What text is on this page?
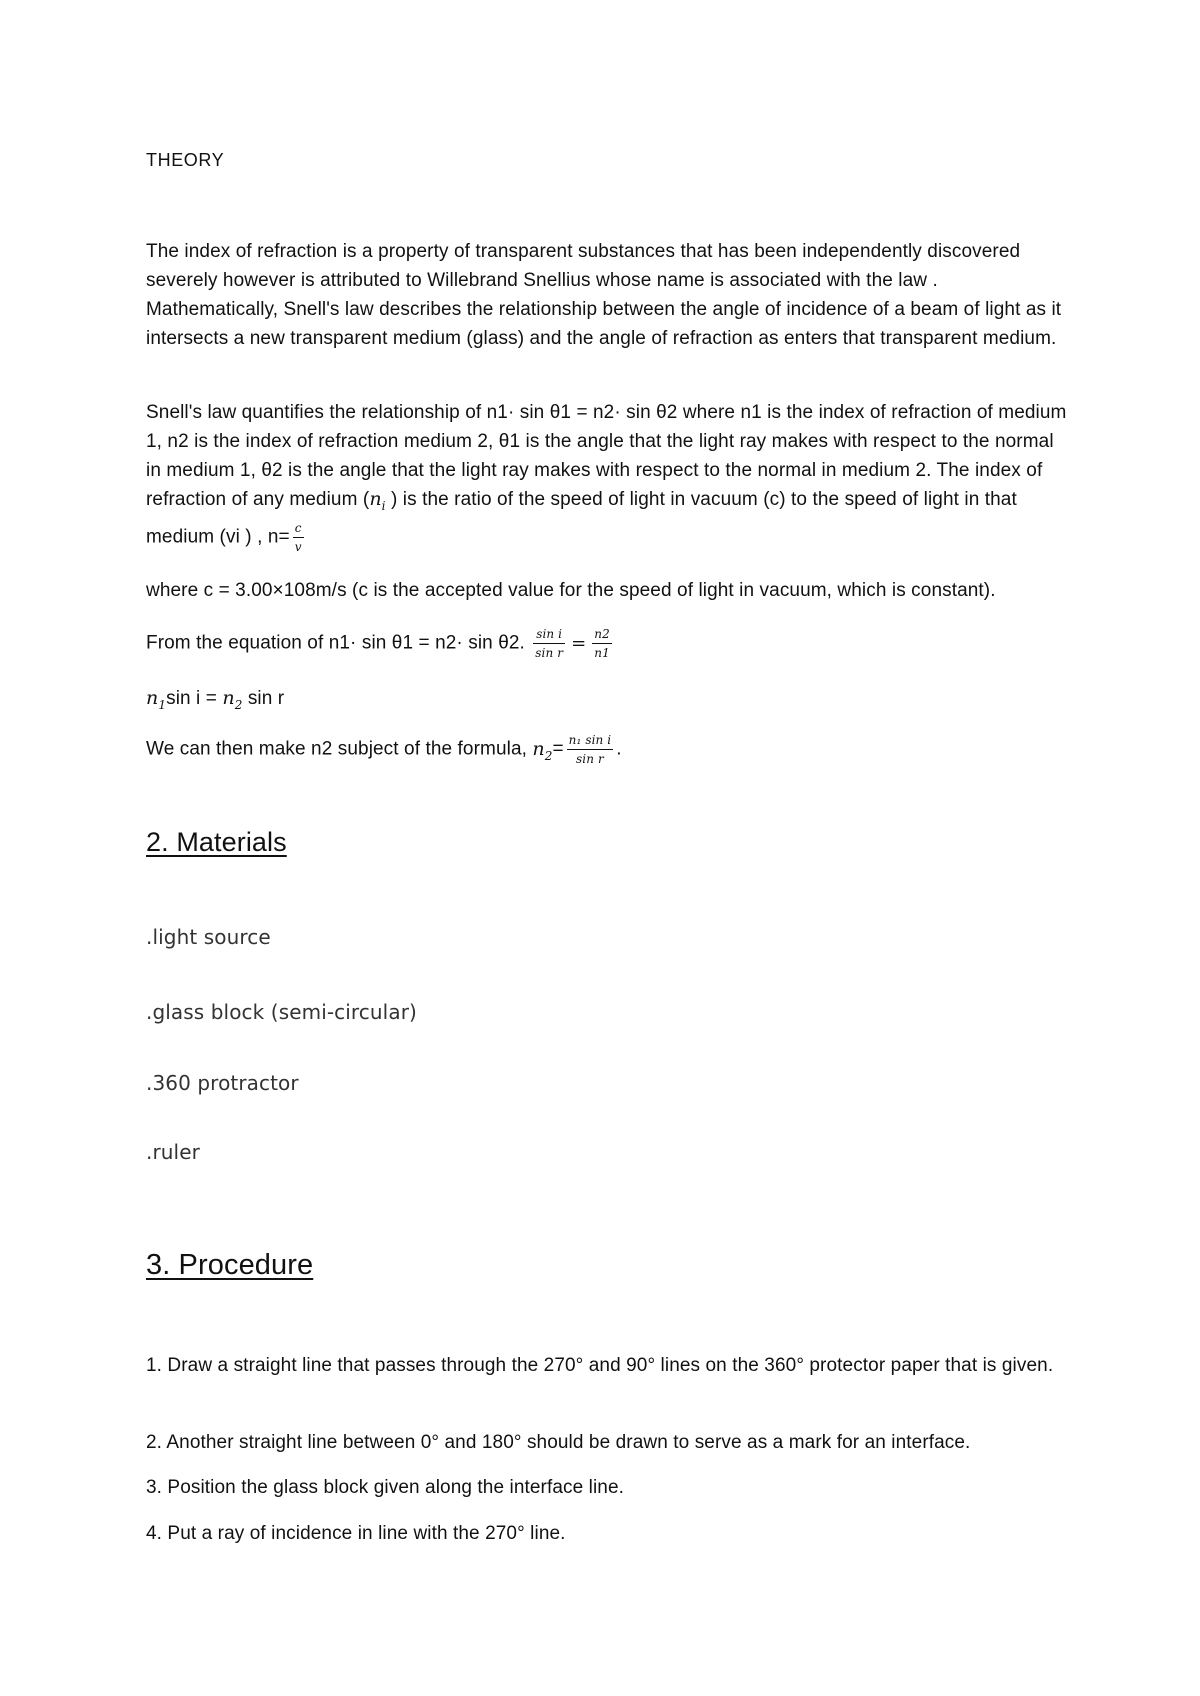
THEORY

The index of refraction is a property of transparent substances that has been independently discovered severely however is attributed to Willebrand Snellius whose name is associated with the law . Mathematically, Snell's law describes the relationship between the angle of incidence of a beam of light as it intersects a new transparent medium (glass) and the angle of refraction as enters that transparent medium.

Snell's law quantifies the relationship of n1· sin θ1 = n2· sin θ2 where n1 is the index of refraction of medium 1, n2 is the index of refraction medium 2, θ1 is the angle that the light ray makes with respect to the normal in medium 1, θ2 is the angle that the light ray makes with respect to the normal in medium 2. The index of refraction of any medium ($n_i$ ) is the ratio of the speed of light in vacuum (c) to the speed of light in that medium (vi ) , $n= \frac{c}{v}$

where c = 3.00×108m/s (c is the accepted value for the speed of light in vacuum, which is constant).

From the equation of n1· sin θ1 = n2· sin θ2. $\frac{\text{sin i}}{\text{sin r}} = \frac{n2}{n1}$

$n_1\sin$ $i = n_2$ sin r

We can then make n2 subject of the formula, $n_2= \frac{\text{n₁ sin i}}{\text{sin r}}$ .

2. Materials

.light source

.glass block (semi-circular)

.360 protractor

.ruler

3. Procedure

1. Draw a straight line that passes through the 270° and 90° lines on the 360° protector paper that is given.

2. Another straight line between 0° and 180° should be drawn to serve as a mark for an interface.

3. Position the glass block given along the interface line.

4. Put a ray of incidence in line with the 270° line.
